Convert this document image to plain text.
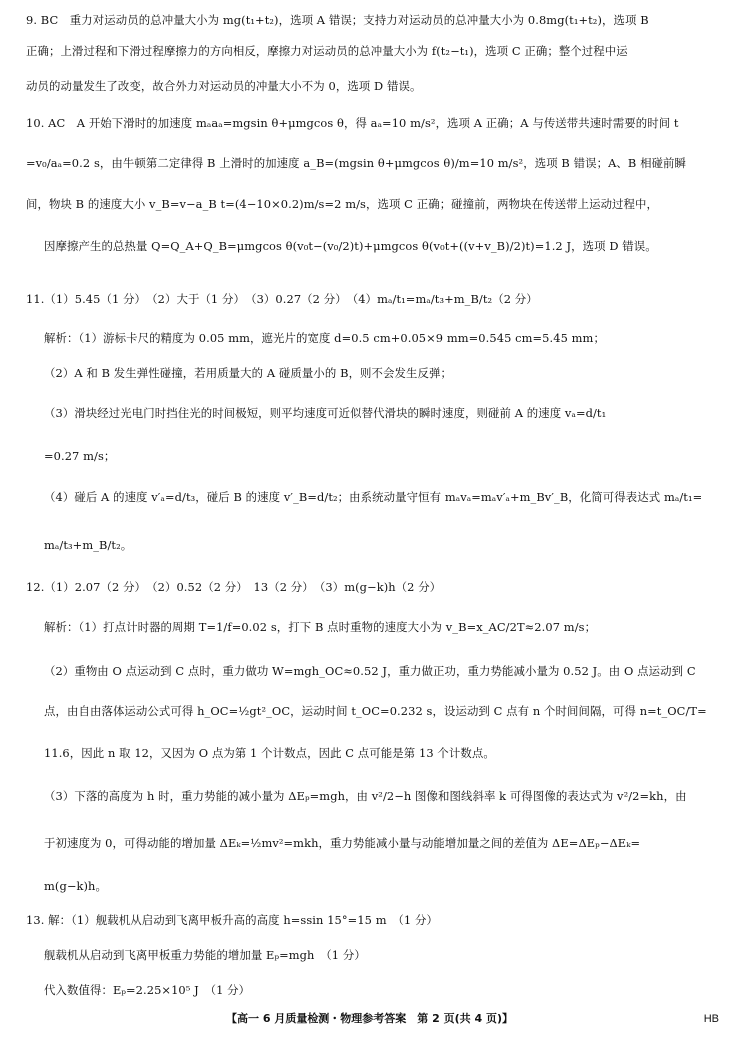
9. BC　重力对运动员的总冲量大小为 mg(t₁+t₂)，选项 A 错误；支持力对运动员的总冲量大小为 0.8mg(t₁+t₂)，选项 B
正确；上滑过程和下滑过程摩擦力的方向相反，摩擦力对运动员的总冲量大小为 f(t₂−t₁)，选项 C 正确；整个过程中运
动员的动量发生了改变，故合外力对运动员的冲量大小不为 0，选项 D 错误。
10. AC　A 开始下滑时的加速度 mₐaₐ=mgsin θ+μmgcos θ，得 aₐ=10 m/s²，选项 A 正确；A 与传送带共速时需要的时间 t
=v₀/aₐ=0.2 s，由牛顿第二定律得 B 上滑时的加速度 a_B=(mgsin θ+μmgcos θ)/m=10 m/s²，选项 B 错误；A、B 相碰前瞬
间，物块 B 的速度大小 v_B=v−a_B t=(4−10×0.2)m/s=2 m/s，选项 C 正确；碰撞前，两物块在传送带上运动过程中，
因摩擦产生的总热量 Q=Q_A+Q_B=μmgcos θ(v₀t−(v₀/2)t)+μmgcos θ(v₀t+((v+v_B)/2)t)=1.2 J，选项 D 错误。
11.（1）5.45（1 分）　（2）大于（1 分）　（3）0.27（2 分）　（4）mₐ/t₁=mₐ/t₃+m_B/t₂（2 分）
解析：（1）游标卡尺的精度为 0.05 mm，遮光片的宽度 d=0.5 cm+0.05×9 mm=0.545 cm=5.45 mm；
（2）A 和 B 发生弹性碰撞，若用质量大的 A 碰质量小的 B，则不会发生反弹；
（3）滑块经过光电门时挡住光的时间极短，则平均速度可近似替代滑块的瞬时速度，则碰前 A 的速度 vₐ=d/t₁
=0.27 m/s；
（4）碰后 A 的速度 v′ₐ=d/t₃，碰后 B 的速度 v′_B=d/t₂；由系统动量守恒有 mₐvₐ=mₐv′ₐ+m_Bv′_B，化简可得表达式 mₐ/t₁=
mₐ/t₃+m_B/t₂。
12.（1）2.07（2 分）　（2）0.52（2 分）　13（2 分）　（3）m(g−k)h（2 分）
解析：（1）打点计时器的周期 T=1/f=0.02 s，打下 B 点时重物的速度大小为 v_B=x_AC/2T≈2.07 m/s；
（2）重物由 O 点运动到 C 点时，重力做功 W=mgh_OC≈0.52 J，重力做正功，重力势能减小量为 0.52 J。由 O 点运动到 C
点，由自由落体运动公式可得 h_OC=½gt²_OC，运动时间 t_OC=0.232 s，设运动到 C 点有 n 个时间间隔，可得 n=t_OC/T=
11.6，因此 n 取 12，又因为 O 点为第 1 个计数点，因此 C 点可能是第 13 个计数点。
（3）下落的高度为 h 时，重力势能的减小量为 ΔEₚ=mgh，由 v²/2−h 图像和图线斜率 k 可得图像的表达式为 v²/2=kh，由
于初速度为 0，可得动能的增加量 ΔEₖ=½mv²=mkh，重力势能减小量与动能增加量之间的差值为 ΔE=ΔEₚ−ΔEₖ=
m(g−k)h。
13. 解：（1）舰载机从启动到飞离甲板升高的高度 h=ssin 15°=15 m　（1 分）
舰载机从启动到飞离甲板重力势能的增加量 Eₚ=mgh　（1 分）
代入数值得：Eₚ=2.25×10⁵ J　（1 分）
【高一 6 月质量检测・物理参考答案　第 2 页(共 4 页)】	HB
